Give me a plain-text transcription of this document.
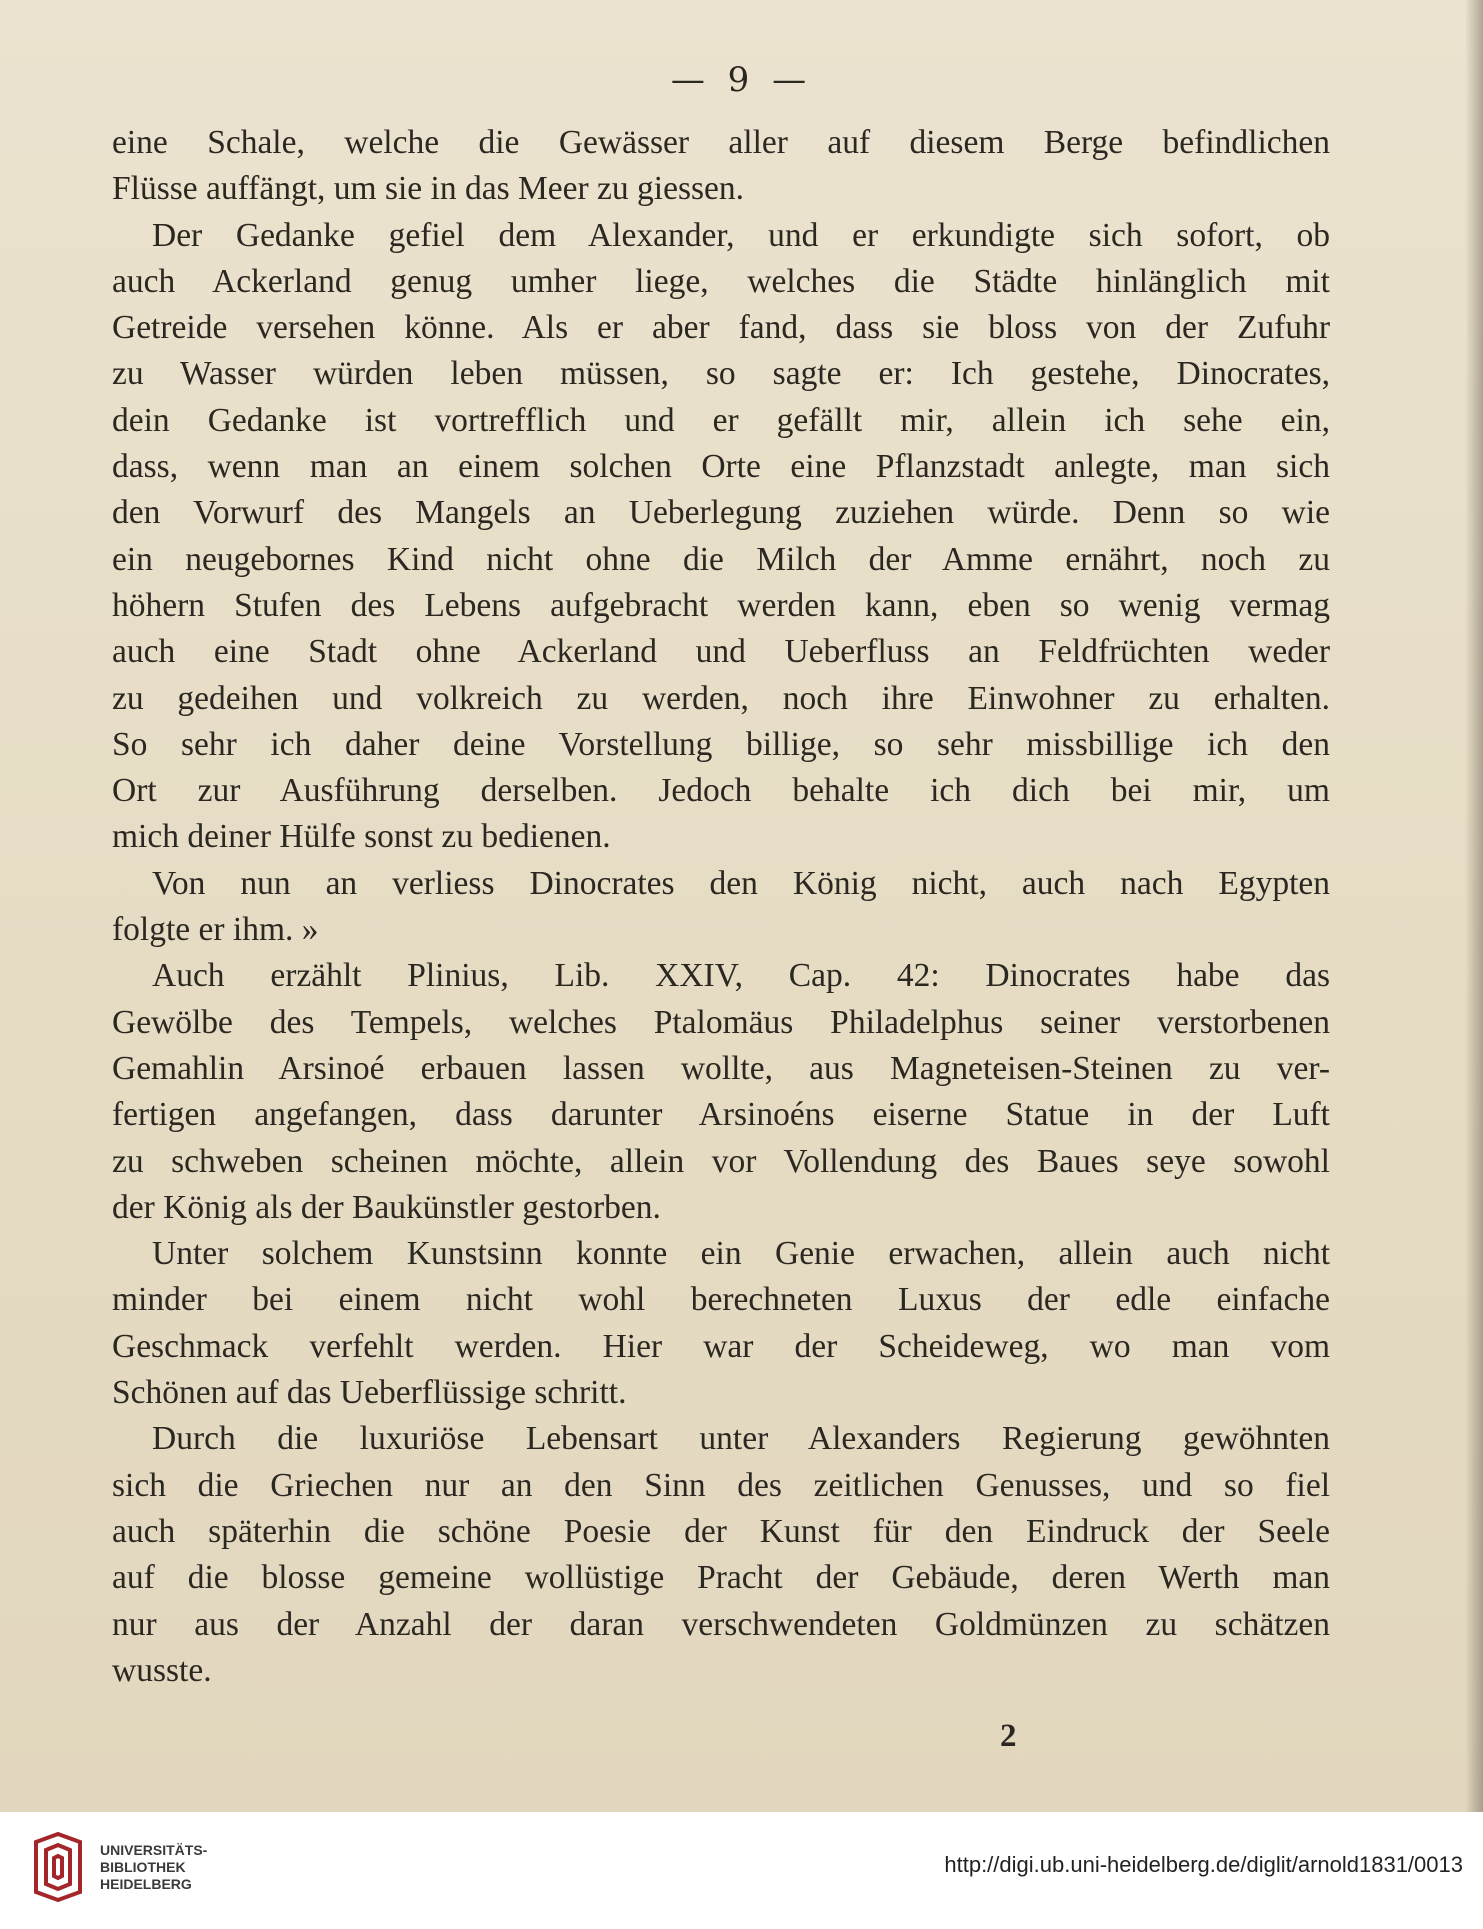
— 9 —

eine Schale, welche die Gewässer aller auf diesem Berge befindlichen
Flüsse auffängt, um sie in das Meer zu giessen.

Der Gedanke gefiel dem Alexander, und er erkundigte sich sofort, ob
auch Ackerland genug umher liege, welches die Städte hinlänglich mit
Getreide versehen könne. Als er aber fand, dass sie bloss von der Zufuhr
zu Wasser würden leben müssen, so sagte er: Ich gestehe, Dinocrates,
dein Gedanke ist vortrefflich und er gefällt mir, allein ich sehe ein,
dass, wenn man an einem solchen Orte eine Pflanzstadt anlegte, man sich
den Vorwurf des Mangels an Ueberlegung zuziehen würde. Denn so wie
ein neugebornes Kind nicht ohne die Milch der Amme ernährt, noch zu
höhern Stufen des Lebens aufgebracht werden kann, eben so wenig vermag
auch eine Stadt ohne Ackerland und Ueberfluss an Feldfrüchten weder
zu gedeihen und volkreich zu werden, noch ihre Einwohner zu erhalten.
So sehr ich daher deine Vorstellung billige, so sehr missbillige ich den
Ort zur Ausführung derselben. Jedoch behalte ich dich bei mir, um
mich deiner Hülfe sonst zu bedienen.

Von nun an verliess Dinocrates den König nicht, auch nach Egypten
folgte er ihm. »

Auch erzählt Plinius, Lib. XXIV, Cap. 42: Dinocrates habe das
Gewölbe des Tempels, welches Ptalomäus Philadelphus seiner verstorbenen
Gemahlin Arsinoé erbauen lassen wollte, aus Magneteisen-Steinen zu ver-
fertigen angefangen, dass darunter Arsinoéns eiserne Statue in der Luft
zu schweben scheinen möchte, allein vor Vollendung des Baues seye sowohl
der König als der Baukünstler gestorben.

Unter solchem Kunstsinn konnte ein Genie erwachen, allein auch nicht
minder bei einem nicht wohl berechneten Luxus der edle einfache
Geschmack verfehlt werden. Hier war der Scheideweg, wo man vom
Schönen auf das Ueberflüssige schritt.

Durch die luxuriöse Lebensart unter Alexanders Regierung gewöhnten
sich die Griechen nur an den Sinn des zeitlichen Genusses, und so fiel
auch späterhin die schöne Poesie der Kunst für den Eindruck der Seele
auf die blosse gemeine wollüstige Pracht der Gebäude, deren Werth man
nur aus der Anzahl der daran verschwendeten Goldmünzen zu schätzen
wusste.

2
UNIVERSITÄTS-
BIBLIOTHEK
HEIDELBERG
http://digi.ub.uni-heidelberg.de/diglit/arnold1831/0013
